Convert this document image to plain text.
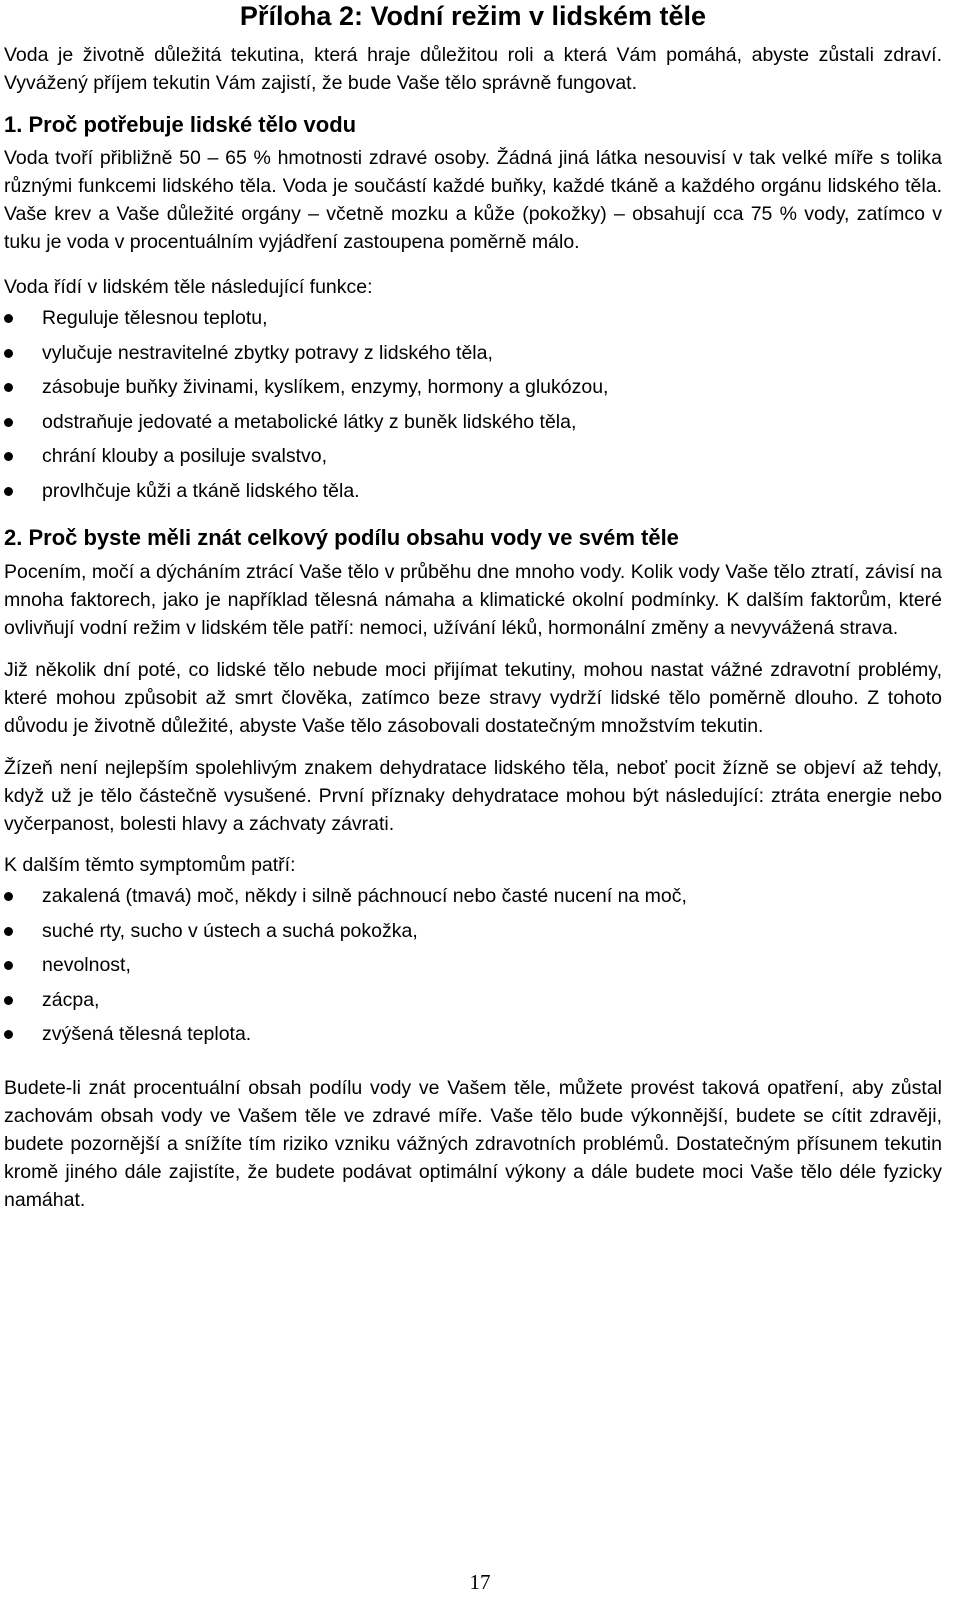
Příloha 2: Vodní režim v lidském těle

Voda je životně důležitá tekutina, která hraje důležitou roli a která Vám pomáhá, abyste zůstali zdraví. Vyvážený příjem tekutin Vám zajistí, že bude Vaše tělo správně fungovat.

1. Proč potřebuje lidské tělo vodu

Voda tvoří přibližně 50 – 65 % hmotnosti zdravé osoby. Žádná jiná látka nesouvisí v tak velké míře s tolika různými funkcemi lidského těla. Voda je součástí každé buňky, každé tkáně a každého orgánu lidského těla. Vaše krev a Vaše důležité orgány – včetně mozku a kůže (pokožky) – obsahují cca 75 % vody, zatímco v tuku je voda v procentuálním vyjádření zastoupena poměrně málo.

Voda řídí v lidském těle následující funkce:

Reguluje tělesnou teplotu,
vylučuje nestravitelné zbytky potravy z lidského těla,
zásobuje buňky živinami, kyslíkem, enzymy, hormony a glukózou,
odstraňuje jedovaté a metabolické látky z buněk lidského těla,
chrání klouby a posiluje svalstvo,
provlhčuje kůži a tkáně lidského těla.
2. Proč byste měli znát celkový podílu obsahu vody ve svém těle

Pocením, močí a dýcháním ztrácí Vaše tělo v průběhu dne mnoho vody. Kolik vody Vaše tělo ztratí, závisí na mnoha faktorech, jako je například tělesná námaha a klimatické okolní podmínky. K dalším faktorům, které ovlivňují vodní režim v lidském těle patří: nemoci, užívání léků, hormonální změny a nevyvážená strava.

Již několik dní poté, co lidské tělo nebude moci přijímat tekutiny, mohou nastat vážné zdravotní problémy, které mohou způsobit až smrt člověka, zatímco beze stravy vydrží lidské tělo poměrně dlouho. Z tohoto důvodu je životně důležité, abyste Vaše tělo zásobovali dostatečným množstvím tekutin.

Žízeň není nejlepším spolehlivým znakem dehydratace lidského těla, neboť pocit žízně se objeví až tehdy, když už je tělo částečně vysušené. První příznaky dehydratace mohou být následující: ztráta energie nebo vyčerpanost, bolesti hlavy a záchvaty závrati.

K dalším těmto symptomům patří:

zakalená (tmavá) moč, někdy i silně páchnoucí nebo časté nucení na moč,
suché rty, sucho v ústech a suchá pokožka,
nevolnost,
zácpa,
zvýšená tělesná teplota.

Budete-li znát procentuální obsah podílu vody ve Vašem těle, můžete provést taková opatření, aby zůstal zachovám obsah vody ve Vašem těle ve zdravé míře. Vaše tělo bude výkonnější, budete se cítit zdravěji, budete pozornější a snížíte tím riziko vzniku vážných zdravotních problémů. Dostatečným přísunem tekutin kromě jiného dále zajistíte, že budete podávat optimální výkony a dále budete moci Vaše tělo déle fyzicky namáhat.

17
